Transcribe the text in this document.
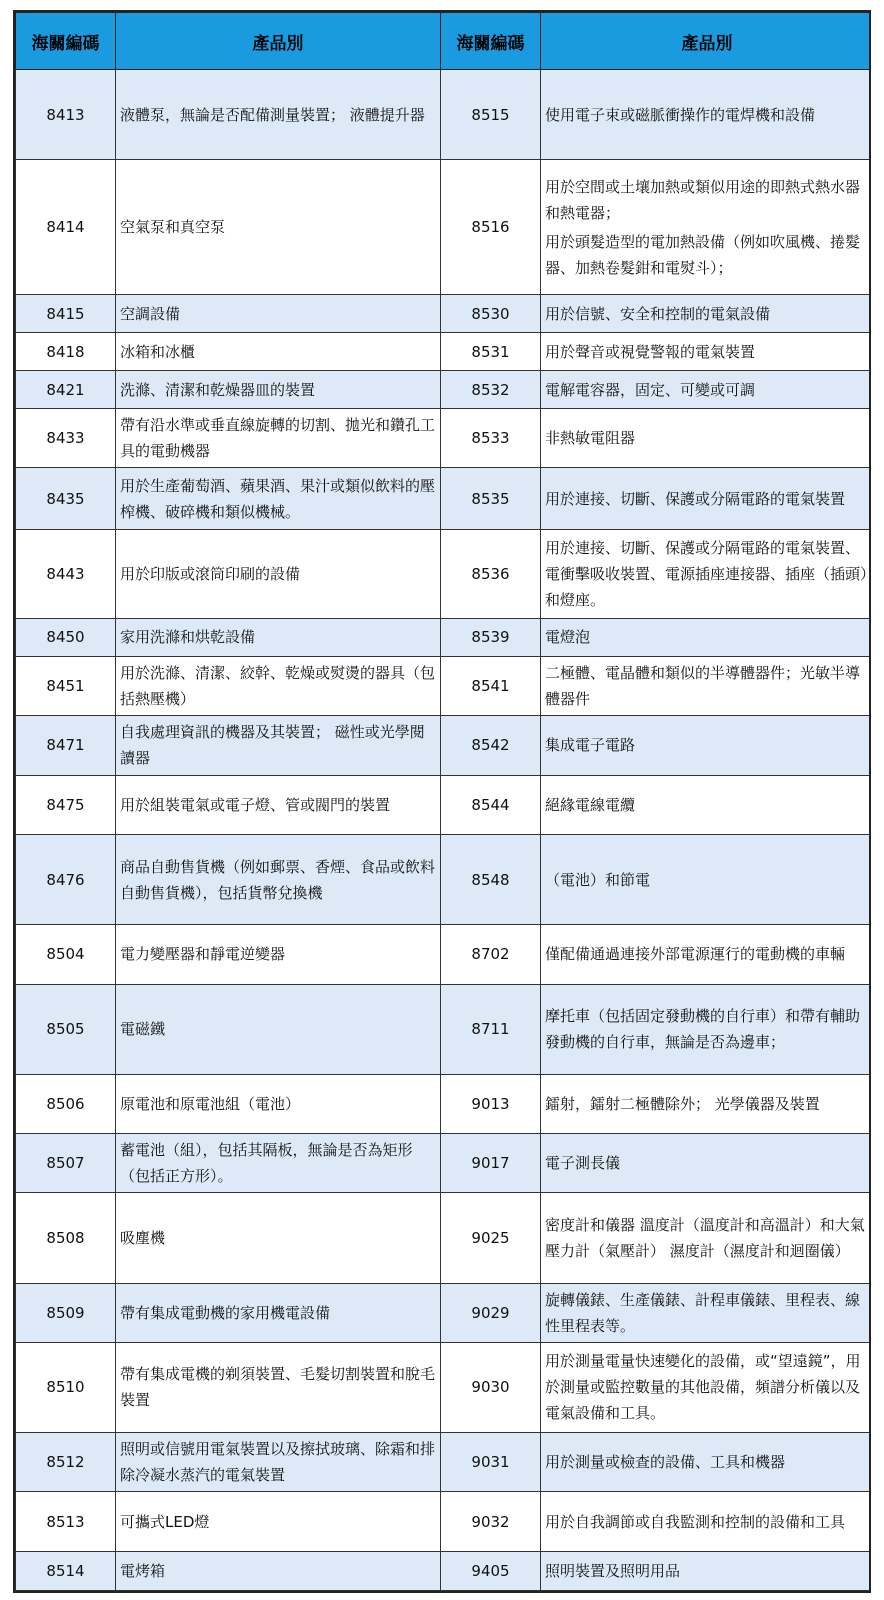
海關編碼	產品別	海關編碼	產品別
8413	液體泵，無論是否配備測量裝置； 液體提升器	8515	使用電子束或磁脈衝操作的電焊機和設備
8414	空氣泵和真空泵	8516	用於空間或土壤加熱或類似用途的即熱式熱水器和熱電器；
用於頭髮造型的電加熱設備（例如吹風機、捲髮器、加熱卷髮鉗和電熨斗）；

8415	空調設備	8530	用於信號、安全和控制的電氣設備
8418	冰箱和冰櫃	8531	用於聲音或視覺警報的電氣裝置
8421	洗滌、清潔和乾燥器皿的裝置	8532	電解電容器，固定、可變或可調
8433	帶有沿水準或垂直線旋轉的切割、拋光和鑽孔工具的電動機器	8533	非熱敏電阻器
8435	用於生產葡萄酒、蘋果酒、果汁或類似飲料的壓榨機、破碎機和類似機械。	8535	用於連接、切斷、保護或分隔電路的電氣裝置
8443	用於印版或滾筒印刷的設備	8536	用於連接、切斷、保護或分隔電路的電氣裝置、電衝擊吸收裝置、電源插座連接器、插座（插頭）和燈座。
8450	家用洗滌和烘乾設備	8539	電燈泡
8451	用於洗滌、清潔、絞幹、乾燥或熨燙的器具（包括熱壓機）	8541	二極體、電晶體和類似的半導體器件；光敏半導體器件
8471	自我處理資訊的機器及其裝置； 磁性或光學閱讀器	8542	集成電子電路
8475	用於組裝電氣或電子燈、管或閥門的裝置	8544	絕緣電線電纜
8476	商品自動售貨機（例如郵票、香煙、食品或飲料自動售貨機），包括貨幣兌換機	8548	（電池）和節電
8504	電力變壓器和靜電逆變器	8702	僅配備通過連接外部電源運行的電動機的車輛
8505	電磁鐵	8711	摩托車（包括固定發動機的自行車）和帶有輔助發動機的自行車，無論是否為邊車；
8506	原電池和原電池組（電池）	9013	鐳射，鐳射二極體除外； 光學儀器及裝置
8507	蓄電池（組），包括其隔板，無論是否為矩形（包括正方形）。	9017	電子測長儀
8508	吸塵機	9025	密度計和儀器 溫度計（溫度計和高溫計）和大氣壓力計（氣壓計） 濕度計（濕度計和迴圈儀）
8509	帶有集成電動機的家用機電設備	9029	旋轉儀錶、生產儀錶、計程車儀錶、里程表、線性里程表等。
8510	帶有集成電機的剃須裝置、毛髮切割裝置和脫毛裝置	9030	用於測量電量快速變化的設備，或“望遠鏡”，用於測量或監控數量的其他設備，頻譜分析儀以及電氣設備和工具。
8512	照明或信號用電氣裝置以及擦拭玻璃、除霜和排除冷凝水蒸汽的電氣裝置	9031	用於測量或檢查的設備、工具和機器
8513	可攜式LED燈	9032	用於自我調節或自我監測和控制的設備和工具
8514	電烤箱	9405	照明裝置及照明用品
